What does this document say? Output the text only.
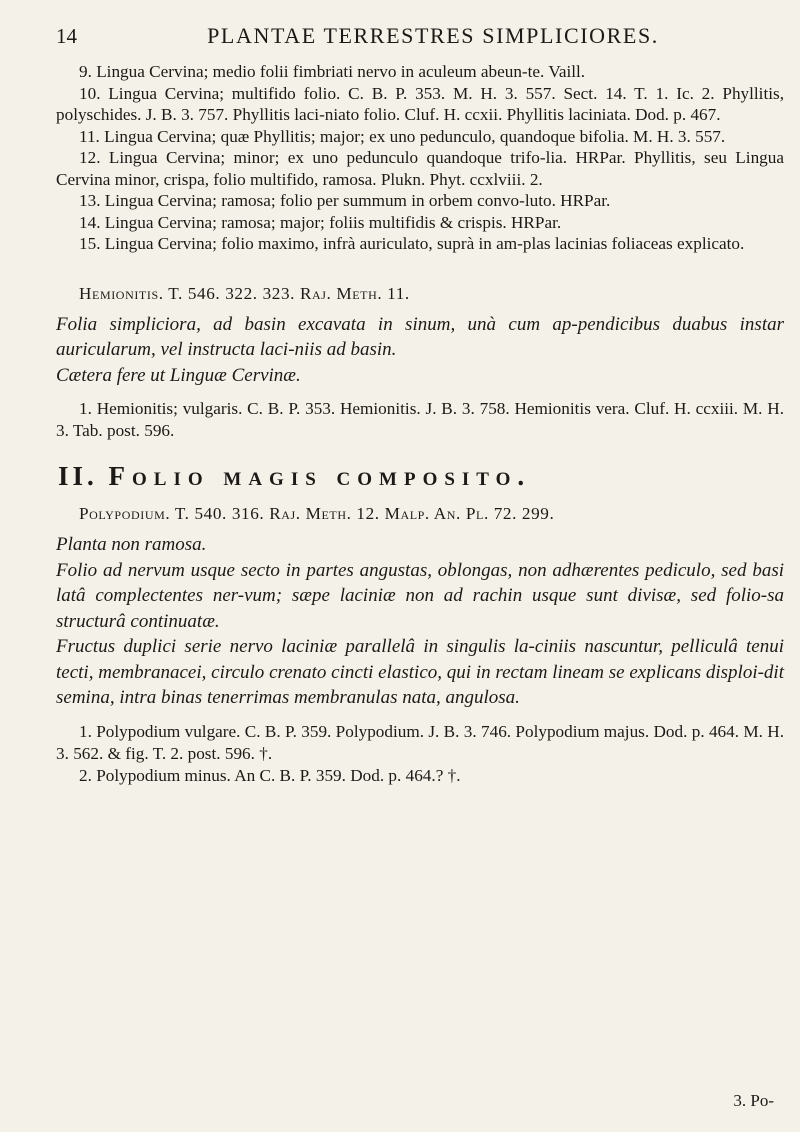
14	PLANTAE TERRESTRES SIMPLICIORES.

9. Lingua Cervina; medio folii fimbriati nervo in aculeum abeun-te. Vaill.

10. Lingua Cervina; multifido folio. C. B. P. 353. M. H. 3. 557. Sect. 14. T. 1. Ic. 2. Phyllitis, polyschides. J. B. 3. 757. Phyllitis laci-niato folio. Cluf. H. ccxii. Phyllitis laciniata. Dod. p. 467.

11. Lingua Cervina; quæ Phyllitis; major; ex uno pedunculo, quandoque bifolia. M. H. 3. 557.

12. Lingua Cervina; minor; ex uno pedunculo quandoque trifo-lia. HRPar. Phyllitis, seu Lingua Cervina minor, crispa, folio multifido, ramosa. Plukn. Phyt. ccxlviii. 2.

13. Lingua Cervina; ramosa; folio per summum in orbem convo-luto. HRPar.

14. Lingua Cervina; ramosa; major; foliis multifidis & crispis. HRPar.

15. Lingua Cervina; folio maximo, infrà auriculato, suprà in am-plas lacinias foliaceas explicato.

Hemionitis. T. 546. 322. 323. Raj. Meth. 11.

Folia simpliciora, ad basin excavata in sinum, unà cum ap-pendicibus duabus instar auricularum, vel instructa laci-niis ad basin.

Cætera fere ut Linguæ Cervinæ.

1. Hemionitis; vulgaris. C. B. P. 353. Hemionitis. J. B. 3. 758. Hemionitis vera. Cluf. H. ccxiii. M. H. 3. Tab. post. 596.

II. Folio magis composito.

Polypodium. T. 540. 316. Raj. Meth. 12. Malp. An. Pl. 72. 299.

Planta non ramosa.

Folio ad nervum usque secto in partes angustas, oblongas, non adhærentes pediculo, sed basi latâ complectentes ner-vum; sæpe laciniæ non ad rachin usque sunt divisæ, sed folio-sa structurâ continuatæ.

Fructus duplici serie nervo laciniæ parallelâ in singulis la-ciniis nascuntur, pelliculâ tenui tecti, membranacei, circulo crenato cincti elastico, qui in rectam lineam se explicans disploi-dit semina, intra binas tenerrimas membranulas nata, angulosa.

1. Polypodium vulgare. C. B. P. 359. Polypodium. J. B. 3. 746. Polypodium majus. Dod. p. 464. M. H. 3. 562. & fig. T. 2. post. 596. †.

2. Polypodium minus. An C. B. P. 359. Dod. p. 464.? †.

3. Po-
